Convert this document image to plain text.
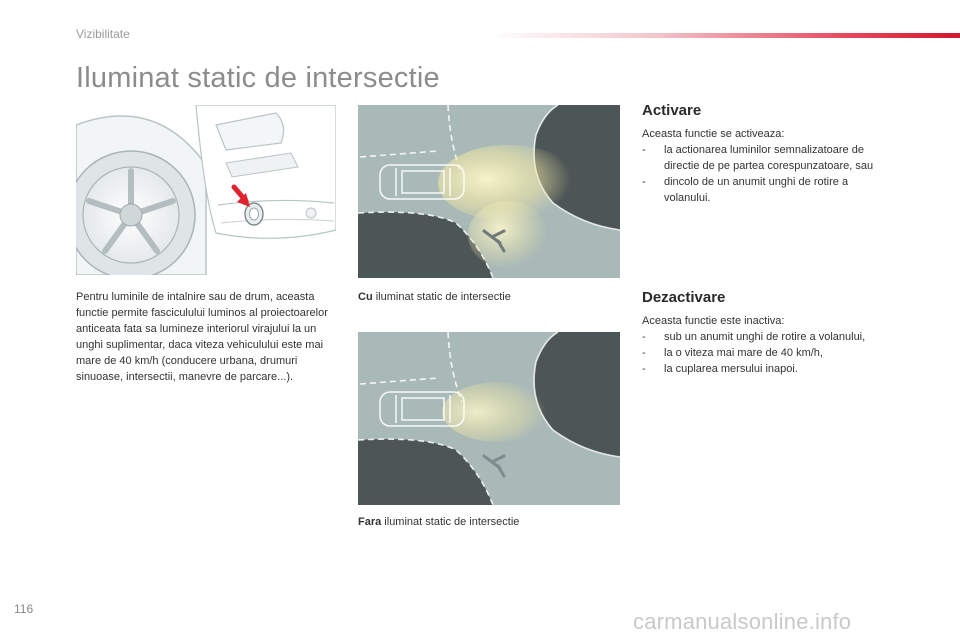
Vizibilitate
Iluminat static de intersectie

Pentru luminile de intalnire sau de drum, aceasta functie permite fasciculului luminos al proiectoarelor anticeata fata sa lumineze interiorul virajului la un unghi suplimentar, daca viteza vehiculului este mai mare de 40 km/h (conducere urbana, drumuri sinuoase, intersectii, manevre de parcare...).

Cu iluminat static de intersectie
Fara iluminat static de intersectie
Activare

Aceasta functie se activeaza:

- la actionarea luminilor semnalizatoare de directie de pe partea corespunzatoare, sau
- dincolo de un anumit unghi de rotire a volanului.
Dezactivare

Aceasta functie este inactiva:

- sub un anumit unghi de rotire a volanului,
- la o viteza mai mare de 40 km/h,
- la cuplarea mersului inapoi.
116	carmanualsonline.info
